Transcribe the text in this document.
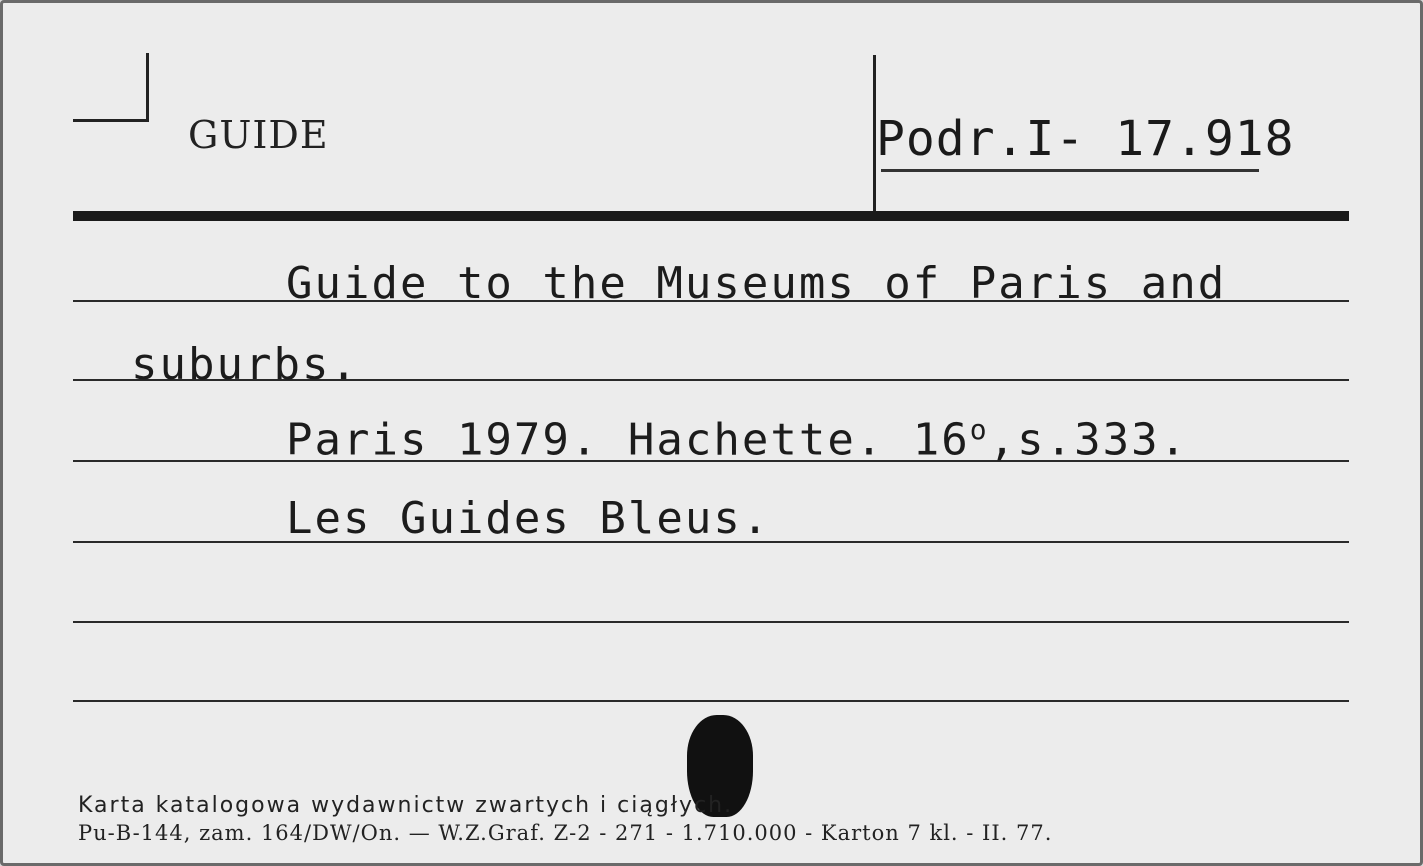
GUIDE	Podr.I- 17.918
Guide to the Museums of Paris and
suburbs.
Paris 1979. Hachette. 16$^o$,s.333.
Les Guides Bleus.
Karta katalogowa wydawnictw zwartych i ciągłych.
Pu-B-144, zam. 164/DW/On. — W.Z.Graf. Z-2 - 271 - 1.710.000 - Karton 7 kl. - II. 77.
